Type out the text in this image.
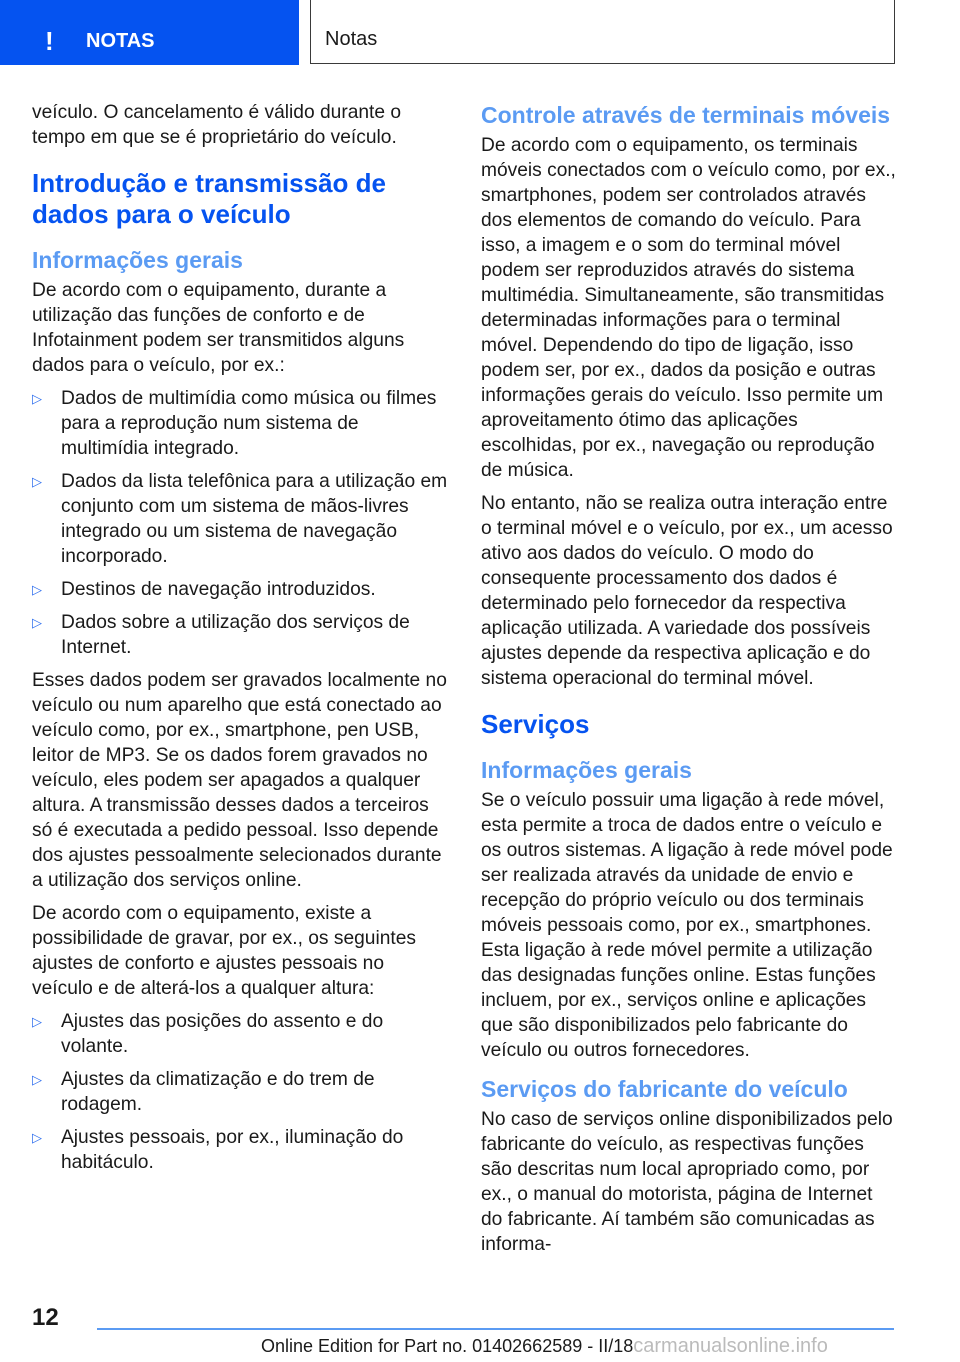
! NOTAS	Notas

veículo. O cancelamento é válido durante o tempo em que se é proprietário do veículo.

Introdução e transmissão de dados para o veículo
Informações gerais

De acordo com o equipamento, durante a utilização das funções de conforto e de Infotainment podem ser transmitidos alguns dados para o veículo, por ex.:

▷ Dados de multimídia como música ou filmes para a reprodução num sistema de multimídia integrado.
▷ Dados da lista telefônica para a utilização em conjunto com um sistema de mãos-livres integrado ou um sistema de navegação incorporado.
▷ Destinos de navegação introduzidos.
▷ Dados sobre a utilização dos serviços de Internet.

Esses dados podem ser gravados localmente no veículo ou num aparelho que está conectado ao veículo como, por ex., smartphone, pen USB, leitor de MP3. Se os dados forem gravados no veículo, eles podem ser apagados a qualquer altura. A transmissão desses dados a terceiros só é executada a pedido pessoal. Isso depende dos ajustes pessoalmente selecionados durante a utilização dos serviços online.

De acordo com o equipamento, existe a possibilidade de gravar, por ex., os seguintes ajustes de conforto e ajustes pessoais no veículo e de alterá-los a qualquer altura:

▷ Ajustes das posições do assento e do volante.
▷ Ajustes da climatização e do trem de rodagem.
▷ Ajustes pessoais, por ex., iluminação do habitáculo.
Controle através de terminais móveis

De acordo com o equipamento, os terminais móveis conectados com o veículo como, por ex., smartphones, podem ser controlados através dos elementos de comando do veículo. Para isso, a imagem e o som do terminal móvel podem ser reproduzidos através do sistema multimédia. Simultaneamente, são transmitidas determinadas informações para o terminal móvel. Dependendo do tipo de ligação, isso podem ser, por ex., dados da posição e outras informações gerais do veículo. Isso permite um aproveitamento ótimo das aplicações escolhidas, por ex., navegação ou reprodução de música.

No entanto, não se realiza outra interação entre o terminal móvel e o veículo, por ex., um acesso ativo aos dados do veículo. O modo do consequente processamento dos dados é determinado pelo fornecedor da respectiva aplicação utilizada. A variedade dos possíveis ajustes depende da respectiva aplicação e do sistema operacional do terminal móvel.

Serviços
Informações gerais

Se o veículo possuir uma ligação à rede móvel, esta permite a troca de dados entre o veículo e os outros sistemas. A ligação à rede móvel pode ser realizada através da unidade de envio e recepção do próprio veículo ou dos terminais móveis pessoais como, por ex., smartphones. Esta ligação à rede móvel permite a utilização das designadas funções online. Estas funções incluem, por ex., serviços online e aplicações que são disponibilizados pelo fabricante do veículo ou outros fornecedores.

Serviços do fabricante do veículo

No caso de serviços online disponibilizados pelo fabricante do veículo, as respectivas funções são descritas num local apropriado como, por ex., o manual do motorista, página de Internet do fabricante. Aí também são comunicadas as informa-

12
Online Edition for Part no. 01402662589 - II/18carmanualsonline.info
